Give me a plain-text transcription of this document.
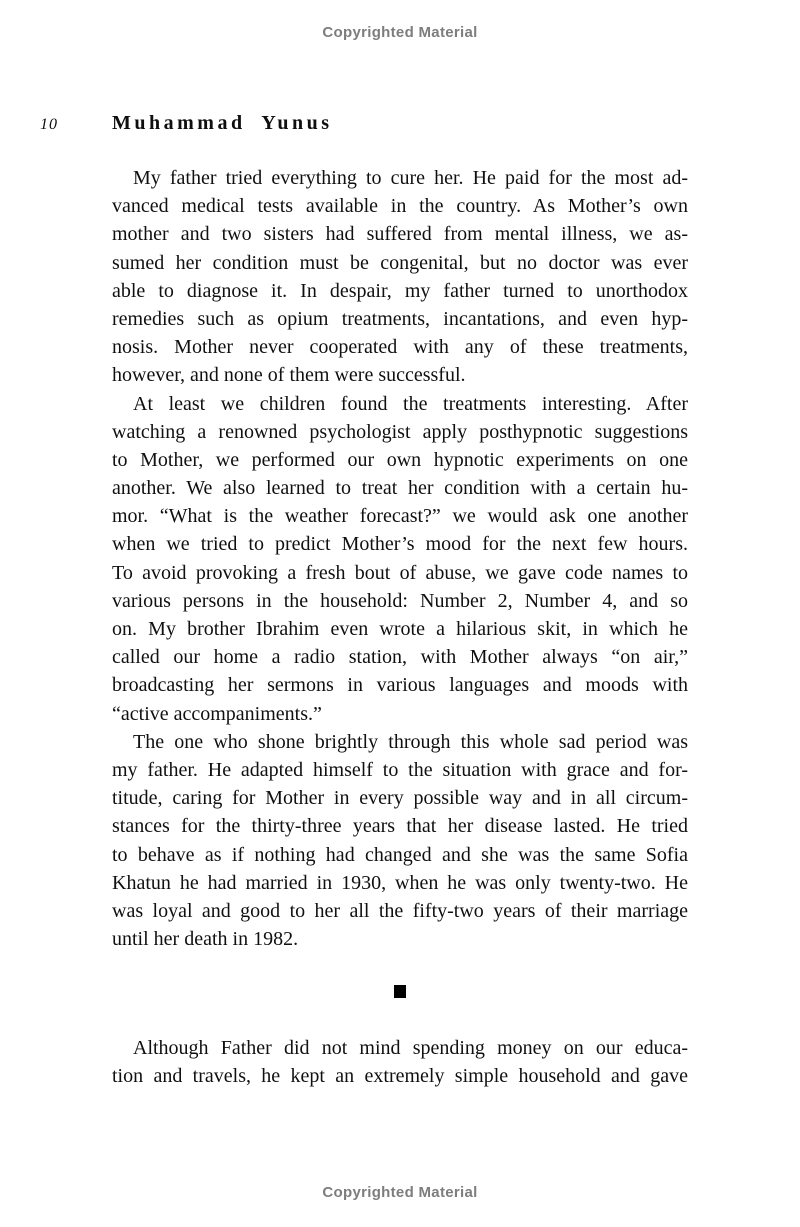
Copyrighted Material
10	Muhammad Yunus
My father tried everything to cure her. He paid for the most ad-
vanced medical tests available in the country. As Mother’s own
mother and two sisters had suffered from mental illness, we as-
sumed her condition must be congenital, but no doctor was ever
able to diagnose it. In despair, my father turned to unorthodox
remedies such as opium treatments, incantations, and even hyp-
nosis. Mother never cooperated with any of these treatments,
however, and none of them were successful.
At least we children found the treatments interesting. After
watching a renowned psychologist apply posthypnotic suggestions
to Mother, we performed our own hypnotic experiments on one
another. We also learned to treat her condition with a certain hu-
mor. “What is the weather forecast?” we would ask one another
when we tried to predict Mother’s mood for the next few hours.
To avoid provoking a fresh bout of abuse, we gave code names to
various persons in the household: Number 2, Number 4, and so
on. My brother Ibrahim even wrote a hilarious skit, in which he
called our home a radio station, with Mother always “on air,”
broadcasting her sermons in various languages and moods with
“active accompaniments.”
The one who shone brightly through this whole sad period was
my father. He adapted himself to the situation with grace and for-
titude, caring for Mother in every possible way and in all circum-
stances for the thirty-three years that her disease lasted. He tried
to behave as if nothing had changed and she was the same Sofia
Khatun he had married in 1930, when he was only twenty-two. He
was loyal and good to her all the fifty-two years of their marriage
until her death in 1982.
Although Father did not mind spending money on our educa-
tion and travels, he kept an extremely simple household and gave
Copyrighted Material
